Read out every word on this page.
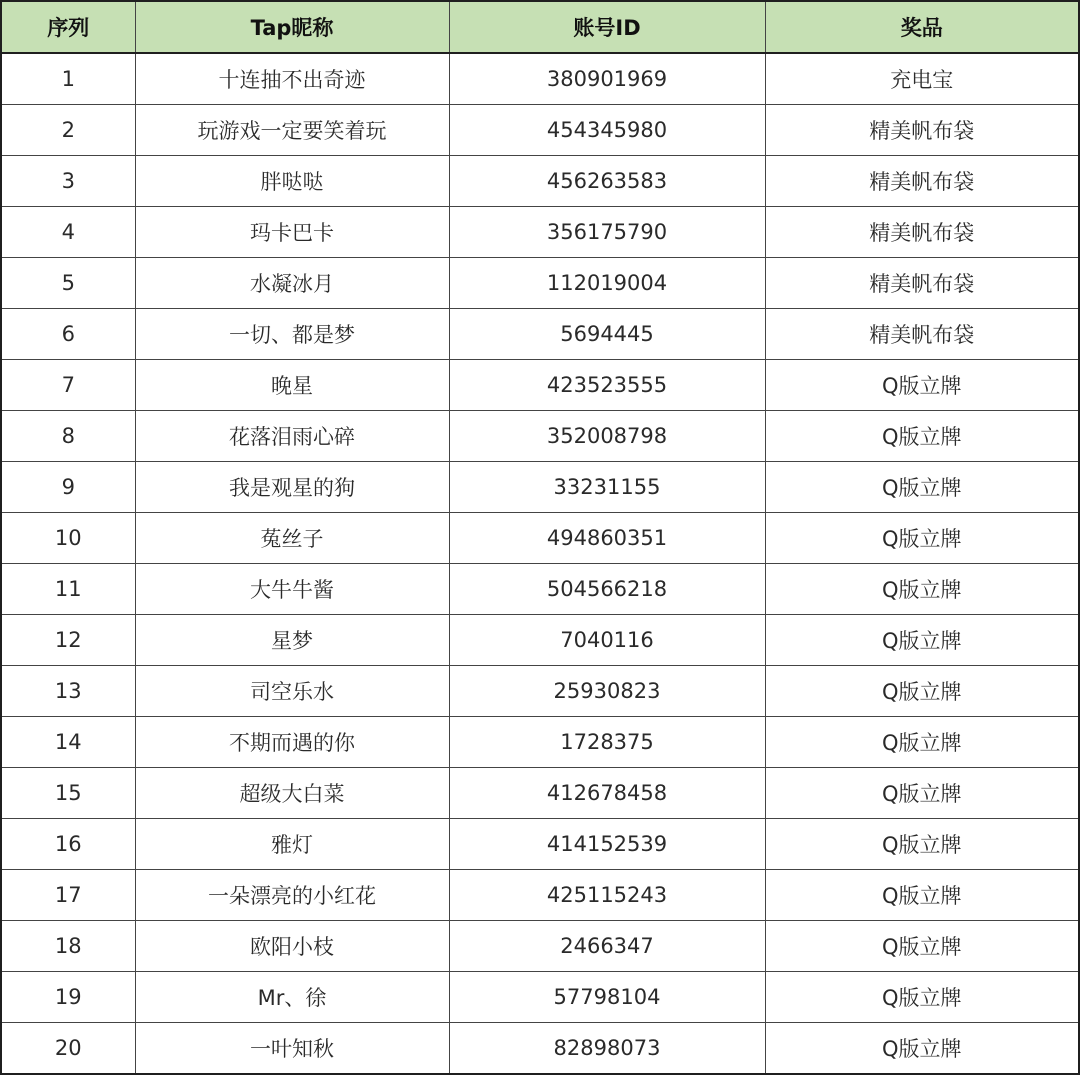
序列	Tap昵称	账号ID	奖品
1	十连抽不出奇迹	380901969	充电宝
2	玩游戏一定要笑着玩	454345980	精美帆布袋
3	胖哒哒	456263583	精美帆布袋
4	玛卡巴卡	356175790	精美帆布袋
5	水凝冰月	112019004	精美帆布袋
6	一切、都是梦	5694445	精美帆布袋
7	晚星	423523555	Q版立牌
8	花落泪雨心碎	352008798	Q版立牌
9	我是观星的狗	33231155	Q版立牌
10	菟丝子	494860351	Q版立牌
11	大牛牛酱	504566218	Q版立牌
12	星梦	7040116	Q版立牌
13	司空乐水	25930823	Q版立牌
14	不期而遇的你	1728375	Q版立牌
15	超级大白菜	412678458	Q版立牌
16	雅灯	414152539	Q版立牌
17	一朵漂亮的小红花	425115243	Q版立牌
18	欧阳小枝	2466347	Q版立牌
19	Mr、徐	57798104	Q版立牌
20	一叶知秋	82898073	Q版立牌
